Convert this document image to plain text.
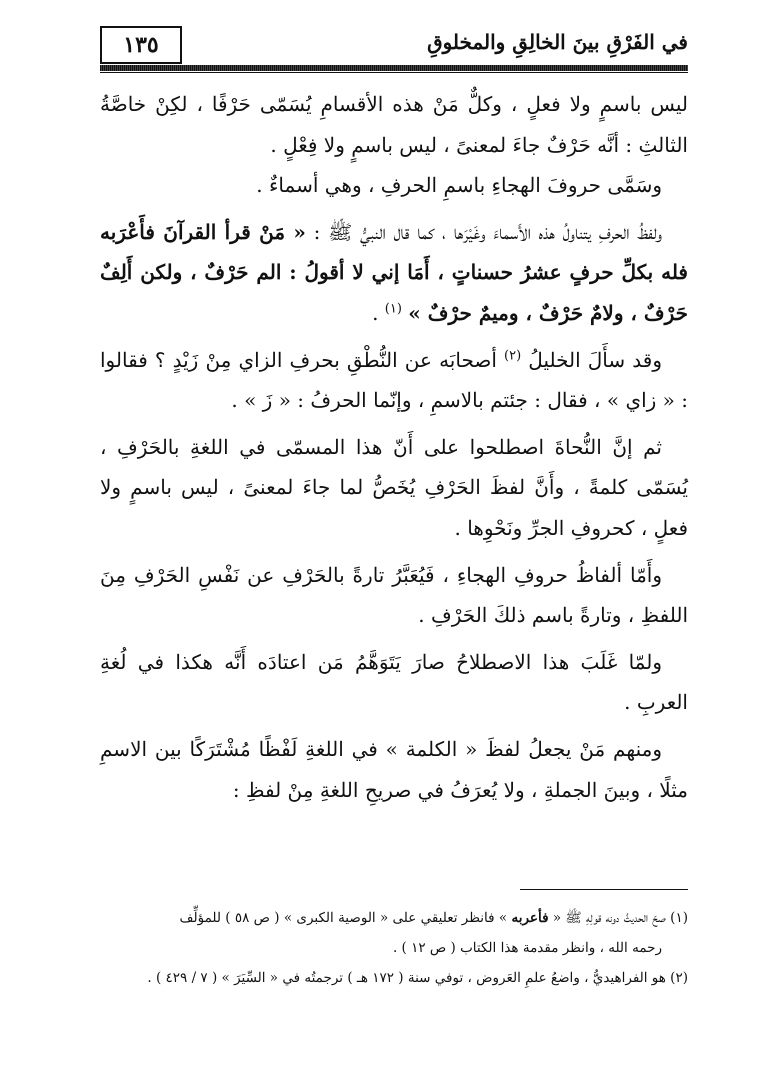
١٣٥	في الفَرْقِ بينَ الخالِقِ والمخلوقِ

ليس باسمٍ ولا فعلٍ ، وكلٌّ مَنْ هذه الأقسامِ يُسَمّى حَرْفًا ، لكِنْ خاصَّةُ الثالثِ : أنَّه حَرْفٌ جاءَ لمعنىً ، ليس باسمٍ ولا فِعْلٍ .

وسَمَّى حروفَ الهجاءِ باسمِ الحرفِ ، وهي أسماءٌ .

ولفظُ الحرفِ يتناولُ هذه الأَسماءَ وغَيْرَها ، كما قال النبيُّ ﷺ : « مَنْ قرأ القرآنَ فأَعْرَبه فله بكلِّ حرفٍ عشرُ حسناتٍ ، أَمَا إني لا أقولُ : الم حَرْفٌ ، ولكن أَلِفٌ حَرْفٌ ، ولامٌ حَرْفٌ ، وميمٌ حرْفٌ » $^{(١)}$ .

وقد سأَلَ الخليلُ $^{(٢)}$ أصحابَه عن النُّطْقِ بحرفِ الزاي مِنْ زَيْدٍ ؟ فقالوا : « زاي » ، فقال : جئتم بالاسمِ ، وإنّما الحرفُ : « زَ » .

ثم إنَّ النُّحاةَ اصطلحوا على أَنّ هذا المسمّى في اللغةِ بالحَرْفِ ، يُسَمّى كلمةً ، وأَنَّ لفظَ الحَرْفِ يُخَصُّ لما جاءَ لمعنىً ، ليس باسمٍ ولا فعلٍ ، كحروفِ الجرِّ ونَحْوِها .

وأَمّا ألفاظُ حروفِ الهجاءِ ، فَيُعَبَّرُ تارةً بالحَرْفِ عن نَفْسِ الحَرْفِ مِنَ اللفظِ ، وتارةً باسم ذلكَ الحَرْفِ .

ولمّا غَلَبَ هذا الاصطلاحُ صارَ يَتَوَهَّمُ مَن اعتادَه أَنَّه هكذا في لُغةِ العربِ .

ومنهم مَنْ يجعلُ لفظَ « الكلمة » في اللغةِ لَفْظًا مُشْتَرَكًا بين الاسمِ مثلًا ، وبينَ الجملةِ ، ولا يُعرَفُ في صريحِ اللغةِ مِنْ لفظِ :

(١) صحّ الحديثُ دونه قولِهِ ﷺ « فأعربه » فانظر تعليقي على « الوصية الكبرى » ( ص ٥٨ ) للمؤلِّف

رحمه الله ، وانظر مقدمة هذا الكتاب ( ص ١٢ ) .

(٢) هو الفراهيديُّ ، واضعُ علمِ العَروض ، توفي سنة ( ١٧٢ هـ ) ترجمتُه في « السِّيَرَ » ( ٧ / ٤٢٩ ) .
